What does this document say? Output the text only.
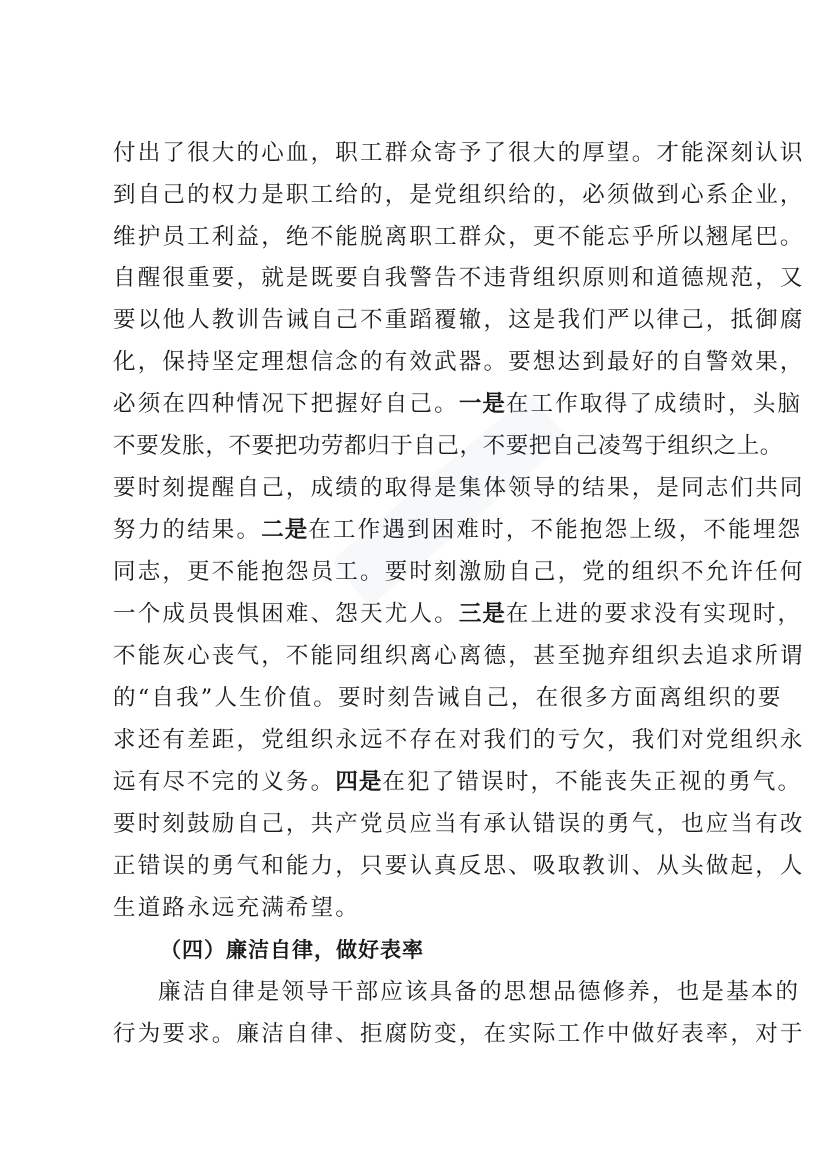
付出了很大的心血，职工群众寄予了很大的厚望。才能深刻认识
到自己的权力是职工给的，是党组织给的，必须做到心系企业，
维护员工利益，绝不能脱离职工群众，更不能忘乎所以翘尾巴。
自醒很重要，就是既要自我警告不违背组织原则和道德规范，又
要以他人教训告诫自己不重蹈覆辙，这是我们严以律己，抵御腐
化，保持坚定理想信念的有效武器。要想达到最好的自警效果，
必须在四种情况下把握好自己。一是在工作取得了成绩时，头脑
不要发胀，不要把功劳都归于自己，不要把自己凌驾于组织之上。
要时刻提醒自己，成绩的取得是集体领导的结果，是同志们共同
努力的结果。二是在工作遇到困难时，不能抱怨上级，不能埋怨
同志，更不能抱怨员工。要时刻激励自己，党的组织不允许任何
一个成员畏惧困难、怨天尤人。三是在上进的要求没有实现时，
不能灰心丧气，不能同组织离心离德，甚至抛弃组织去追求所谓
的“自我”人生价值。要时刻告诫自己，在很多方面离组织的要
求还有差距，党组织永远不存在对我们的亏欠，我们对党组织永
远有尽不完的义务。四是在犯了错误时，不能丧失正视的勇气。
要时刻鼓励自己，共产党员应当有承认错误的勇气，也应当有改
正错误的勇气和能力，只要认真反思、吸取教训、从头做起，人
生道路永远充满希望。
（四）廉洁自律，做好表率
廉洁自律是领导干部应该具备的思想品德修养，也是基本的
行为要求。廉洁自律、拒腐防变，在实际工作中做好表率，对于
